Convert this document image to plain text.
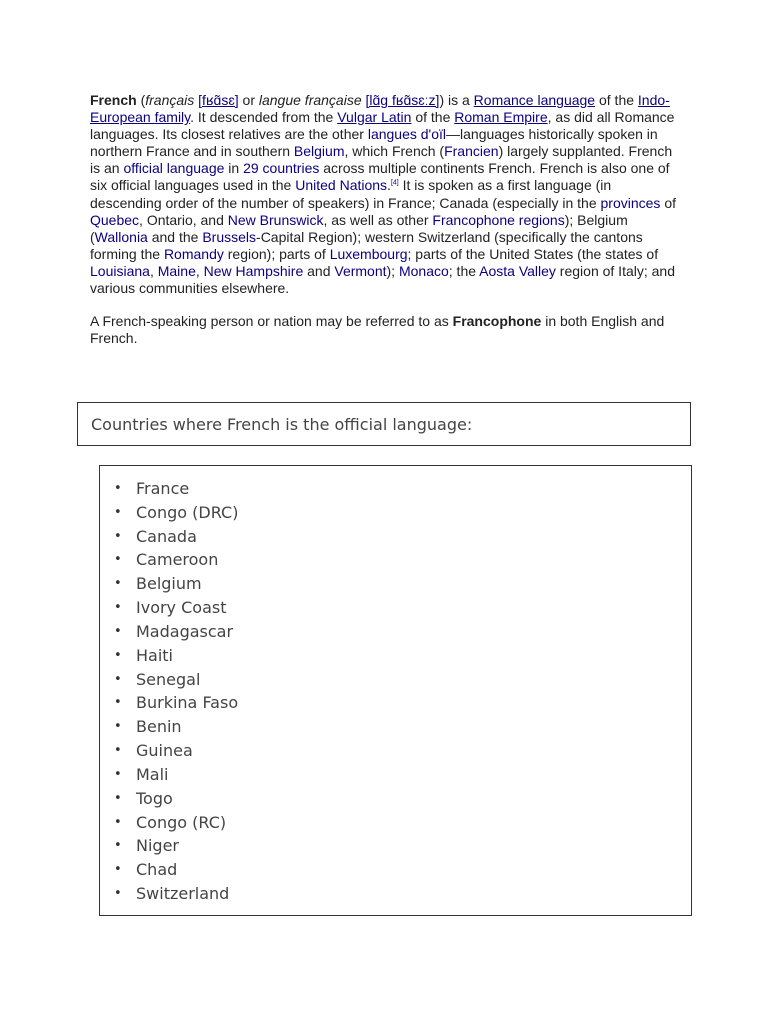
French (français [fʁɑ̃sɛ] or langue française [lɑ̃ɡ fʁɑ̃sɛːz]) is a Romance language of the Indo-European family. It descended from the Vulgar Latin of the Roman Empire, as did all Romance languages. Its closest relatives are the other langues d'oïl—languages historically spoken in northern France and in southern Belgium, which French (Francien) largely supplanted. French is an official language in 29 countries across multiple continents French. French is also one of six official languages used in the United Nations.[4] It is spoken as a first language (in descending order of the number of speakers) in France; Canada (especially in the provinces of Quebec, Ontario, and New Brunswick, as well as other Francophone regions); Belgium (Wallonia and the Brussels-Capital Region); western Switzerland (specifically the cantons forming the Romandy region); parts of Luxembourg; parts of the United States (the states of Louisiana, Maine, New Hampshire and Vermont); Monaco; the Aosta Valley region of Italy; and various communities elsewhere.

A French-speaking person or nation may be referred to as Francophone in both English and French.

Countries where French is the official language:
• France
• Congo (DRC)
• Canada
• Cameroon
• Belgium
• Ivory Coast
• Madagascar
• Haiti
• Senegal
• Burkina Faso
• Benin
• Guinea
• Mali
• Togo
• Congo (RC)
• Niger
• Chad
• Switzerland
